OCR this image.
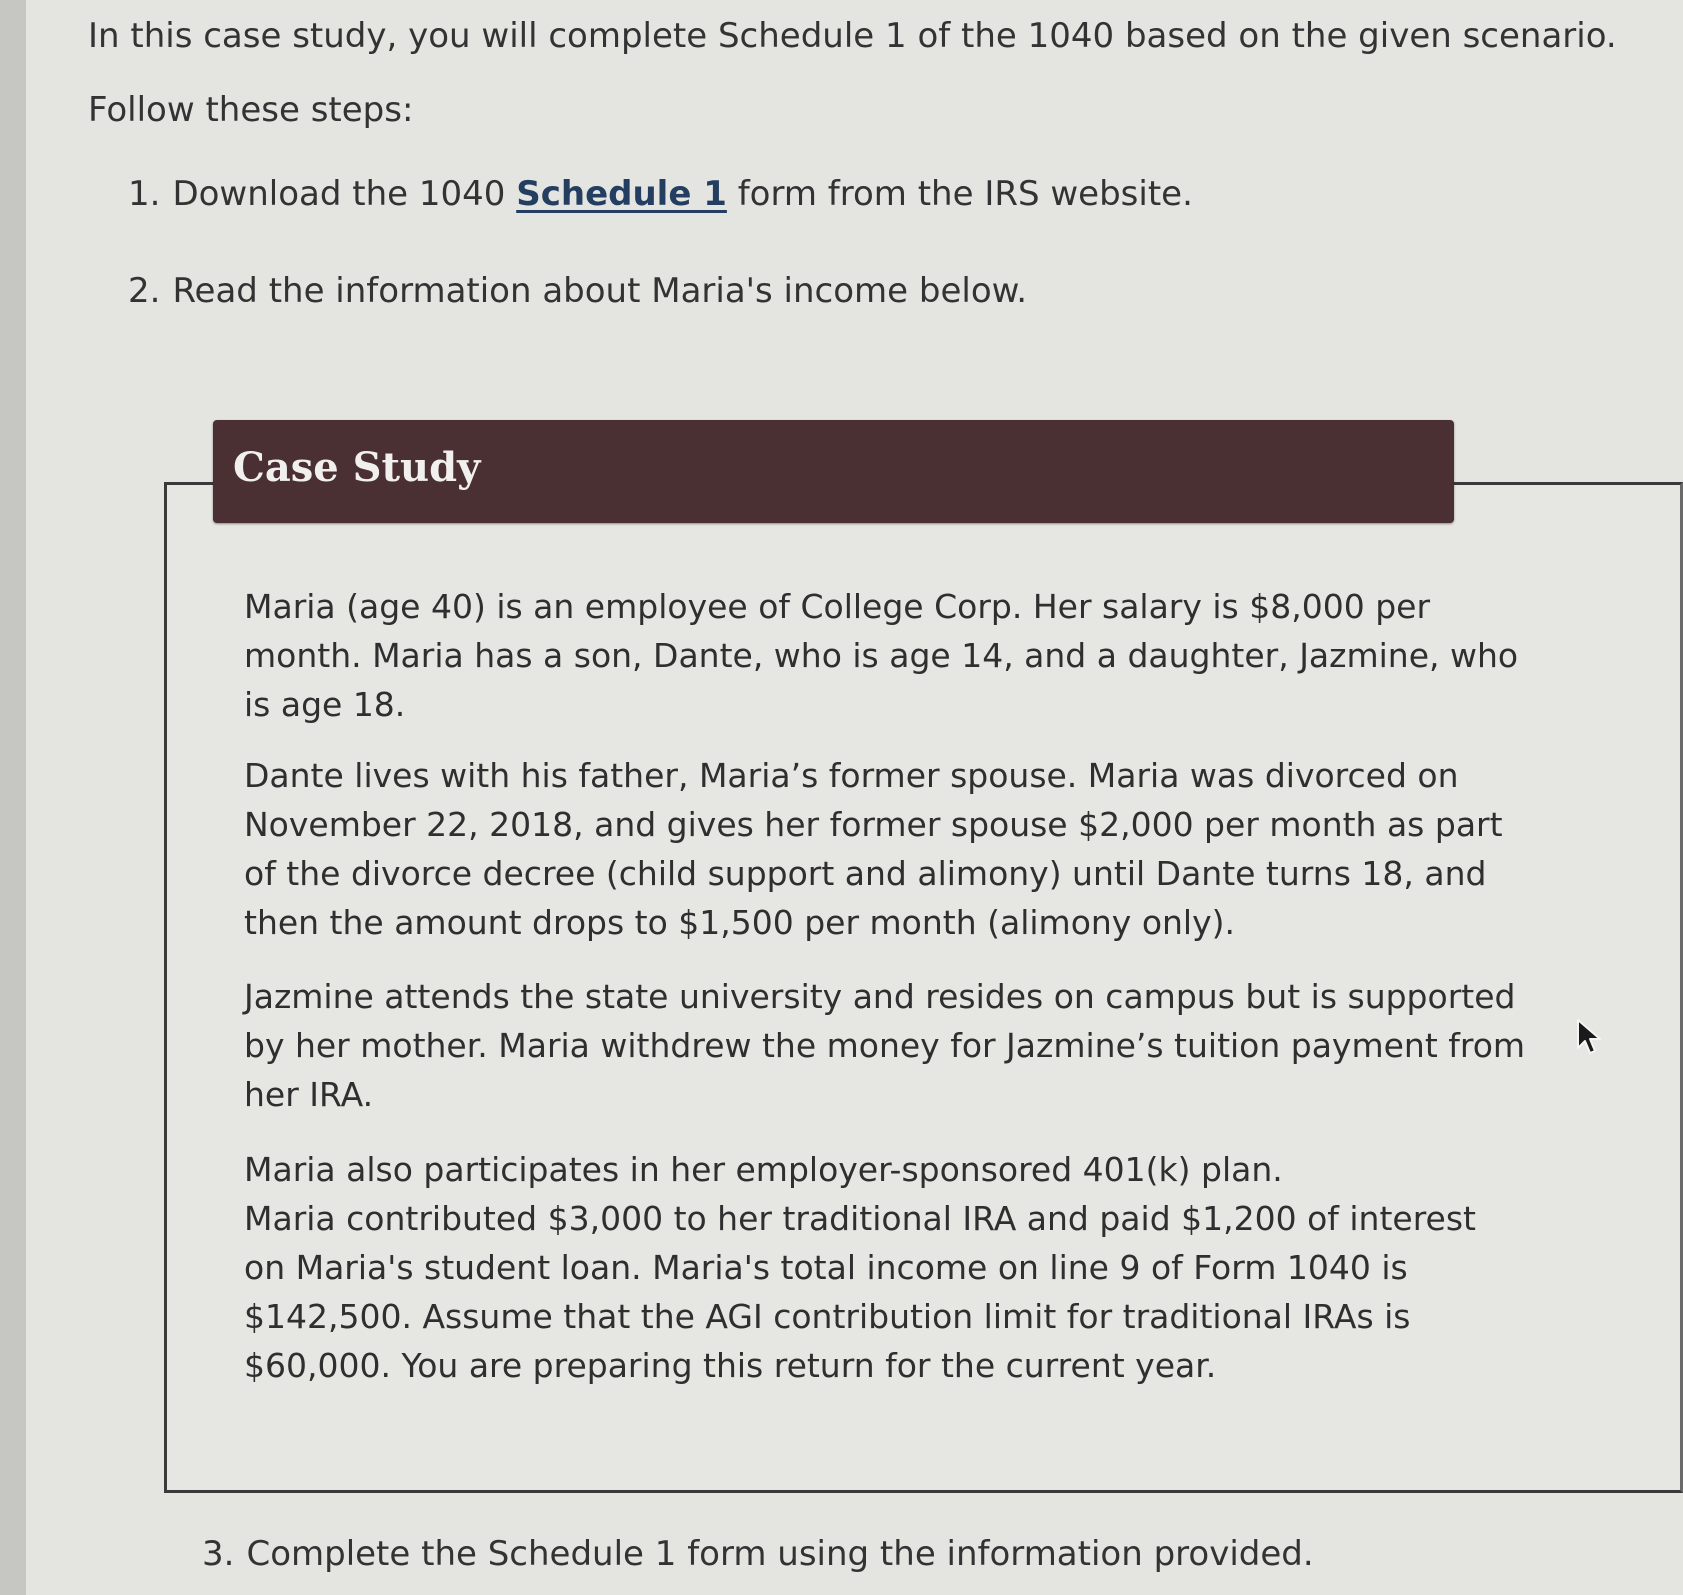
In this case study, you will complete Schedule 1 of the 1040 based on the given scenario.
Follow these steps:
1. Download the 1040 Schedule 1 form from the IRS website.
2. Read the information about Maria's income below.
Case Study
Maria (age 40) is an employee of College Corp. Her salary is $8,000 per
month. Maria has a son, Dante, who is age 14, and a daughter, Jazmine, who
is age 18.
Dante lives with his father, Maria’s former spouse. Maria was divorced on
November 22, 2018, and gives her former spouse $2,000 per month as part
of the divorce decree (child support and alimony) until Dante turns 18, and
then the amount drops to $1,500 per month (alimony only).
Jazmine attends the state university and resides on campus but is supported
by her mother. Maria withdrew the money for Jazmine’s tuition payment from
her IRA.
Maria also participates in her employer-sponsored 401(k) plan.
Maria contributed $3,000 to her traditional IRA and paid $1,200 of interest
on Maria's student loan. Maria's total income on line 9 of Form 1040 is
$142,500. Assume that the AGI contribution limit for traditional IRAs is
$60,000. You are preparing this return for the current year.
3. Complete the Schedule 1 form using the information provided.
